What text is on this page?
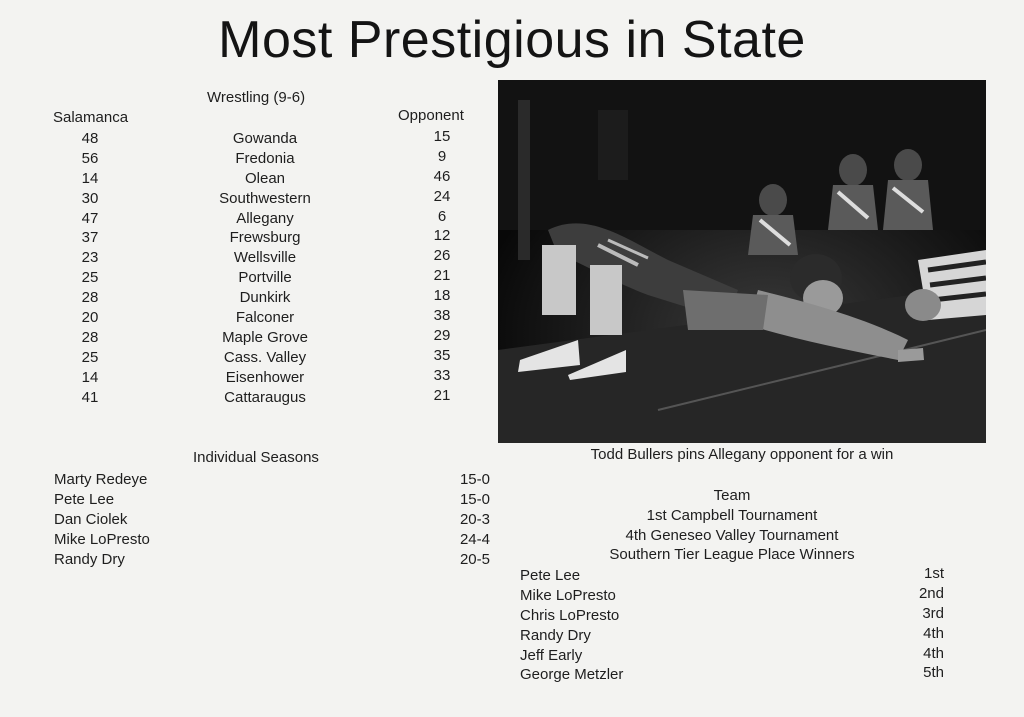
Most Prestigious in State
Wrestling (9-6)
Salamanca	Opponent
48
56
14
30
47
37
23
25
28
20
28
25
14
41
Gowanda
Fredonia
Olean
Southwestern
Allegany
Frewsburg
Wellsville
Portville
Dunkirk
Falconer
Maple Grove
Cass. Valley
Eisenhower
Cattaraugus
15
9
46
24
6
12
26
21
18
38
29
35
33
21
Individual Seasons
Marty Redeye
Pete Lee
Dan Ciolek
Mike LoPresto
Randy Dry
15-0
15-0
20-3
24-4
20-5
Todd Bullers pins Allegany opponent for a win
Team
1st Campbell Tournament
4th Geneseo Valley Tournament
Southern Tier League Place Winners
Pete Lee
Mike LoPresto
Chris LoPresto
Randy Dry
Jeff Early
George Metzler
1st
2nd
3rd
4th
4th
5th
